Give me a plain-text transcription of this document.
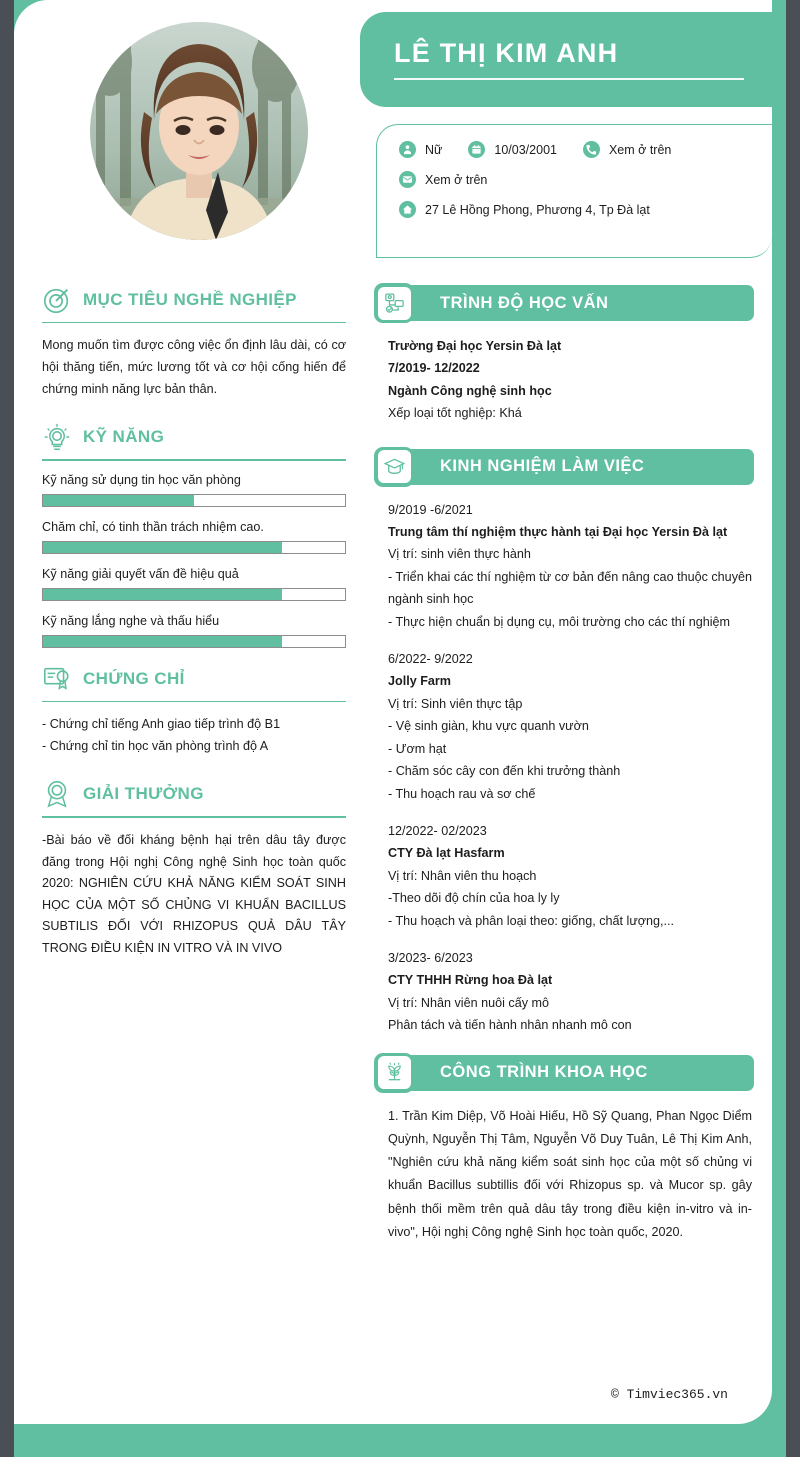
LÊ THỊ KIM ANH
Nữ	10/03/2001	Xem ở trên
Xem ở trên
27 Lê Hồng Phong, Phương 4, Tp Đà lạt
MỤC TIÊU NGHỀ NGHIỆP
Mong muốn tìm được công việc ổn định lâu dài, có cơ hội thăng tiến, mức lương tốt và cơ hội cống hiến để chứng minh năng lực bản thân.
KỸ NĂNG
Kỹ năng sử dụng tin học văn phòng
Chăm chỉ, có tinh thần trách nhiệm cao.
Kỹ năng giải quyết vấn đề hiệu quả
Kỹ năng lắng nghe và thấu hiểu
CHỨNG CHỈ
- Chứng chỉ tiếng Anh giao tiếp trình độ B1
- Chứng chỉ tin học văn phòng trình độ A
GIẢI THƯỞNG
-Bài báo về đối kháng bệnh hại trên dâu tây được đăng trong Hội nghị Công nghệ Sinh học toàn quốc 2020: NGHIÊN CỨU KHẢ NĂNG KIỂM SOÁT SINH HỌC CỦA MỘT SỐ CHỦNG VI KHUẨN BACILLUS SUBTILIS ĐỐI VỚI RHIZOPUS QUẢ DÂU TÂY TRONG ĐIỀU KIỆN IN VITRO VÀ IN VIVO
TRÌNH ĐỘ HỌC VẤN
Trường Đại học Yersin Đà lạt
7/2019- 12/2022
Ngành Công nghệ sinh học
Xếp loại tốt nghiệp: Khá
KINH NGHIỆM LÀM VIỆC
9/2019 -6/2021
Trung tâm thí nghiệm thực hành tại Đại học Yersin Đà lạt
Vị trí: sinh viên thực hành
- Triển khai các thí nghiệm từ cơ bản đến nâng cao thuộc chuyên ngành sinh học
- Thực hiện chuẩn bị dụng cụ, môi trường cho các thí nghiệm
6/2022- 9/2022
Jolly Farm
Vị trí: Sinh viên thực tập
- Vệ sinh giàn, khu vực quanh vườn
- Ươm hạt
- Chăm sóc cây con đến khi trưởng thành
- Thu hoạch rau và sơ chế
12/2022- 02/2023
CTY Đà lạt Hasfarm
Vị trí: Nhân viên thu hoạch
-Theo dõi độ chín của hoa ly ly
- Thu hoạch và phân loại theo: giống, chất lượng,...
3/2023- 6/2023
CTY THHH Rừng hoa Đà lạt
Vị trí: Nhân viên nuôi cấy mô
Phân tách và tiến hành nhân nhanh mô con
CÔNG TRÌNH KHOA HỌC
1. Trần Kim Diệp, Võ Hoài Hiếu, Hồ Sỹ Quang, Phan Ngọc Diểm Quỳnh, Nguyễn Thị Tâm, Nguyễn Võ Duy Tuân, Lê Thị Kim Anh, "Nghiên cứu khả năng kiểm soát sinh học của một số chủng vi khuẩn Bacillus subtillis đối với Rhizopus sp. và Mucor sp. gây bệnh thối mềm trên quả dâu tây trong điều kiện in-vitro và in-vivo", Hội nghị Công nghệ Sinh học toàn quốc, 2020.
© Timviec365.vn
